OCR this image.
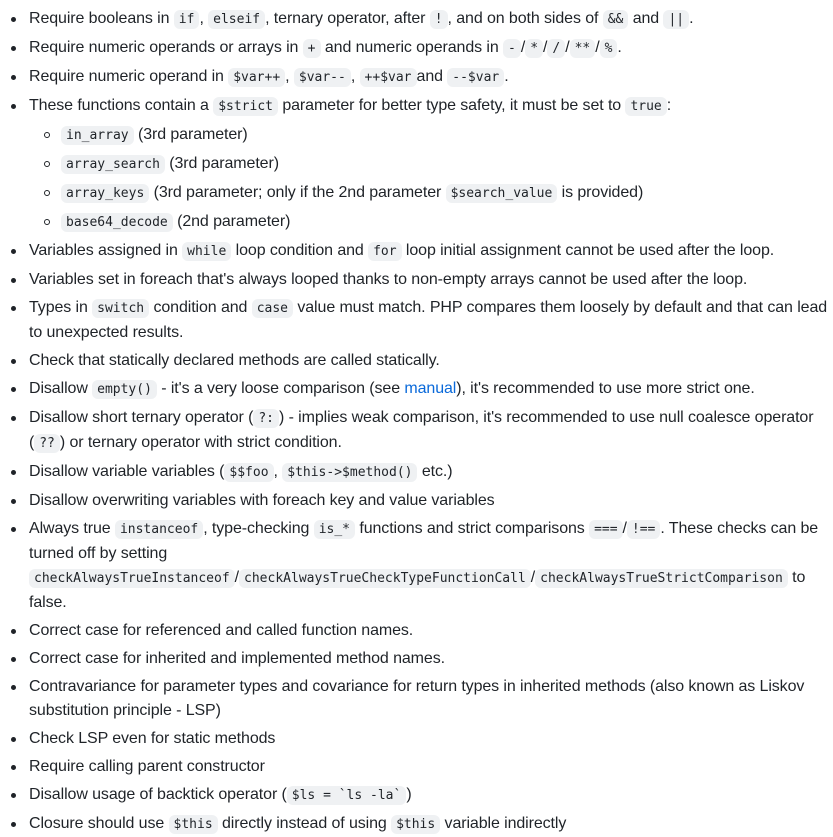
Require booleans in if , elseif , ternary operator, after ! , and on both sides of && and || .
Require numeric operands or arrays in + and numeric operands in - / * / / / ** / % .
Require numeric operand in $var++ , $var-- , ++$var and --$var .
These functions contain a $strict parameter for better type safety, it must be set to true :
in_array (3rd parameter)
array_search (3rd parameter)
array_keys (3rd parameter; only if the 2nd parameter $search_value is provided)
base64_decode (2nd parameter)
Variables assigned in while loop condition and for loop initial assignment cannot be used after the loop.
Variables set in foreach that's always looped thanks to non-empty arrays cannot be used after the loop.
Types in switch condition and case value must match. PHP compares them loosely by default and that can lead to unexpected results.
Check that statically declared methods are called statically.
Disallow empty() - it's a very loose comparison (see manual), it's recommended to use more strict one.
Disallow short ternary operator ( ?: ) - implies weak comparison, it's recommended to use null coalesce operator ( ?? ) or ternary operator with strict condition.
Disallow variable variables ( $$foo , $this->$method() etc.)
Disallow overwriting variables with foreach key and value variables
Always true instanceof , type-checking is_* functions and strict comparisons === / !== . These checks can be turned off by setting checkAlwaysTrueInstanceof / checkAlwaysTrueCheckTypeFunctionCall / checkAlwaysTrueStrictComparison to false.
Correct case for referenced and called function names.
Correct case for inherited and implemented method names.
Contravariance for parameter types and covariance for return types in inherited methods (also known as Liskov substitution principle - LSP)
Check LSP even for static methods
Require calling parent constructor
Disallow usage of backtick operator ( $ls = `ls -la` )
Closure should use $this directly instead of using $this variable indirectly
